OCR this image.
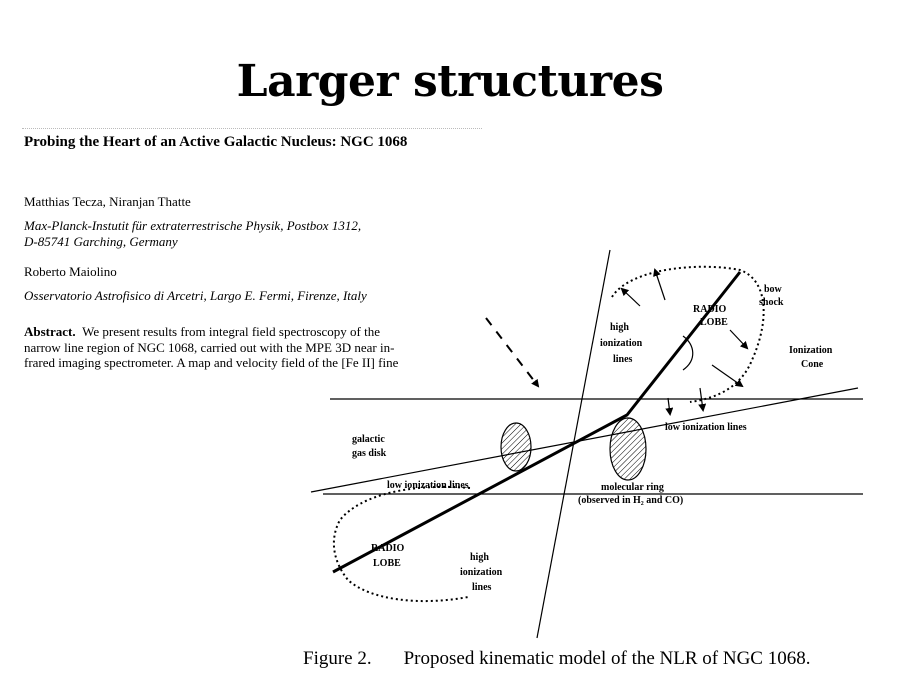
Larger structures
Probing the Heart of an Active Galactic Nucleus: NGC 1068
Matthias Tecza, Niranjan Thatte
Max-Planck-Instutit für extraterrestrische Physik, Postbox 1312,
D-85741 Garching, Germany
Roberto Maiolino
Osservatorio Astrofisico di Arcetri, Largo E. Fermi, Firenze, Italy
Abstract. We present results from integral field spectroscopy of the
narrow line region of NGC 1068, carried out with the MPE 3D near in-
frared imaging spectrometer. A map and velocity field of the [Fe II] fine
RADIO
LOBE
bow
shock
high
ionization
lines
Ionization
Cone
low ionization lines
galactic
gas disk
low ionization lines	molecular ring
(observed in H₂ and CO)
RADIO
LOBE
high
ionization
lines
Figure 2. Proposed kinematic model of the NLR of NGC 1068.
